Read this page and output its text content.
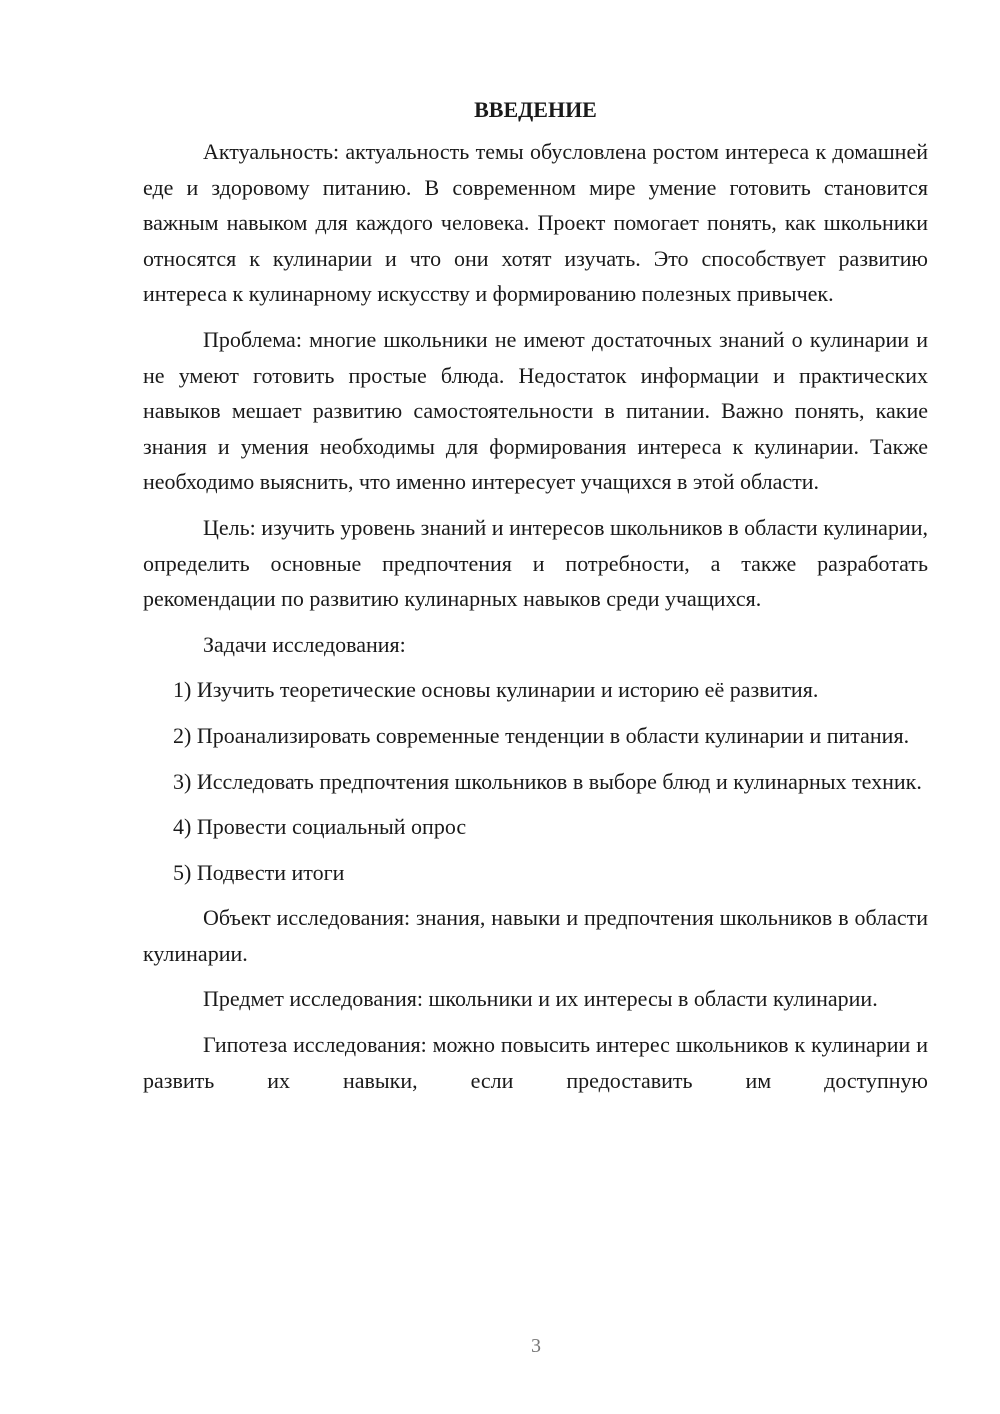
ВВЕДЕНИЕ

Актуальность: актуальность темы обусловлена ростом интереса к домашней еде и здоровому питанию. В современном мире умение готовить становится важным навыком для каждого человека. Проект помогает понять, как школьники относятся к кулинарии и что они хотят изучать. Это способствует развитию интереса к кулинарному искусству и формированию полезных привычек.

Проблема: многие школьники не имеют достаточных знаний о кулинарии и не умеют готовить простые блюда. Недостаток информации и практических навыков мешает развитию самостоятельности в питании. Важно понять, какие знания и умения необходимы для формирования интереса к кулинарии. Также необходимо выяснить, что именно интересует учащихся в этой области.

Цель: изучить уровень знаний и интересов школьников в области кулинарии, определить основные предпочтения и потребности, а также разработать рекомендации по развитию кулинарных навыков среди учащихся.

Задачи исследования:

1) Изучить теоретические основы кулинарии и историю её развития.

2) Проанализировать современные тенденции в области кулинарии и питания.

3) Исследовать предпочтения школьников в выборе блюд и кулинарных техник.

4) Провести социальный опрос

5) Подвести итоги

Объект исследования: знания, навыки и предпочтения школьников в области кулинарии.

Предмет исследования: школьники и их интересы в области кулинарии.

Гипотеза исследования: можно повысить интерес школьников к кулинарии и развить их навыки, если предоставить им доступную

3
